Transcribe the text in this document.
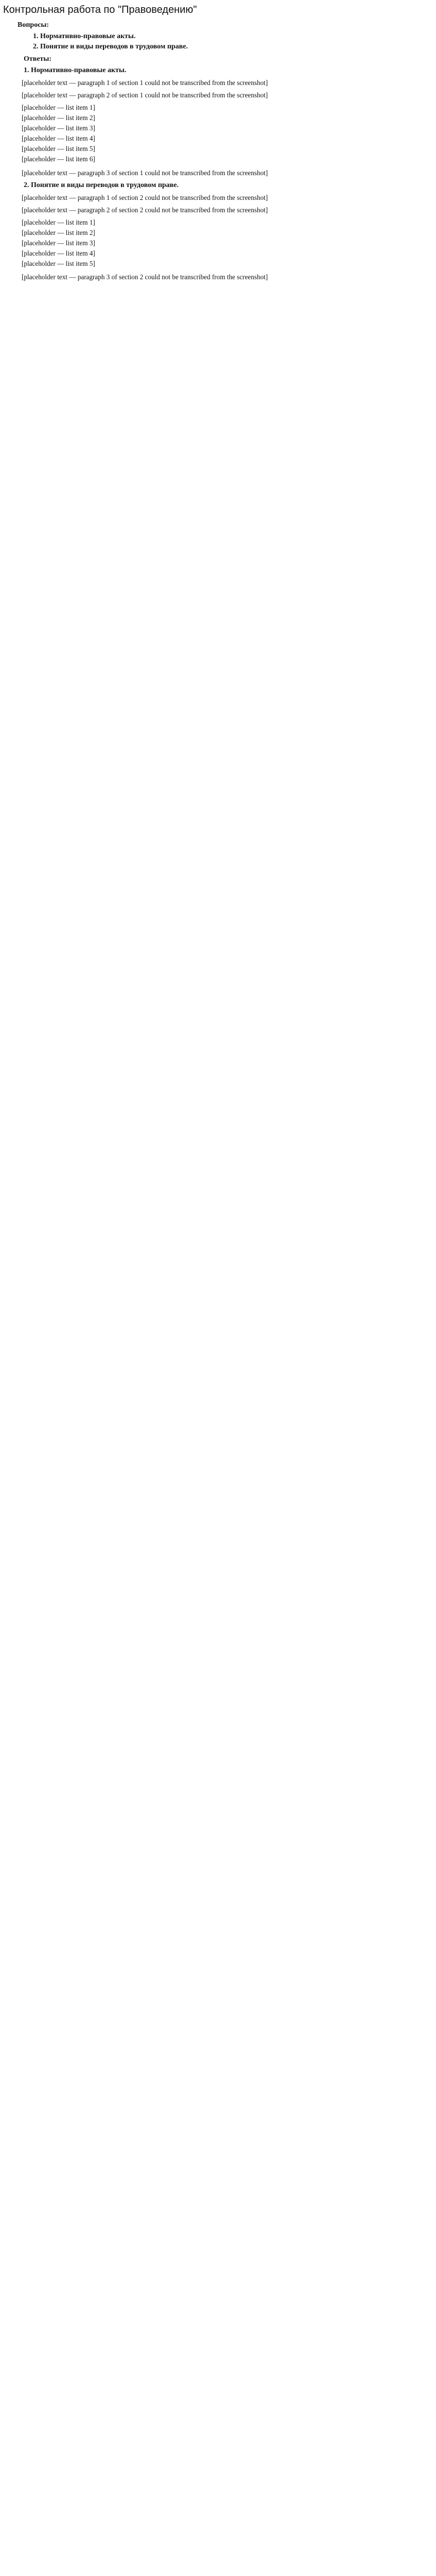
Контрольная работа по "Правоведению"
Вопросы:
1. Нормативно-правовые акты.
2. Понятие и виды переводов в трудовом праве.
Ответы:
1. Нормативно-правовые акты.

[placeholder text — paragraph 1 of section 1 could not be transcribed from the screenshot]

[placeholder text — paragraph 2 of section 1 could not be transcribed from the screenshot]

[placeholder — list item 1]
[placeholder — list item 2]
[placeholder — list item 3]
[placeholder — list item 4]
[placeholder — list item 5]
[placeholder — list item 6]

[placeholder text — paragraph 3 of section 1 could not be transcribed from the screenshot]

2. Понятие и виды переводов в трудовом праве.

[placeholder text — paragraph 1 of section 2 could not be transcribed from the screenshot]

[placeholder text — paragraph 2 of section 2 could not be transcribed from the screenshot]

[placeholder — list item 1]
[placeholder — list item 2]
[placeholder — list item 3]
[placeholder — list item 4]
[placeholder — list item 5]

[placeholder text — paragraph 3 of section 2 could not be transcribed from the screenshot]
